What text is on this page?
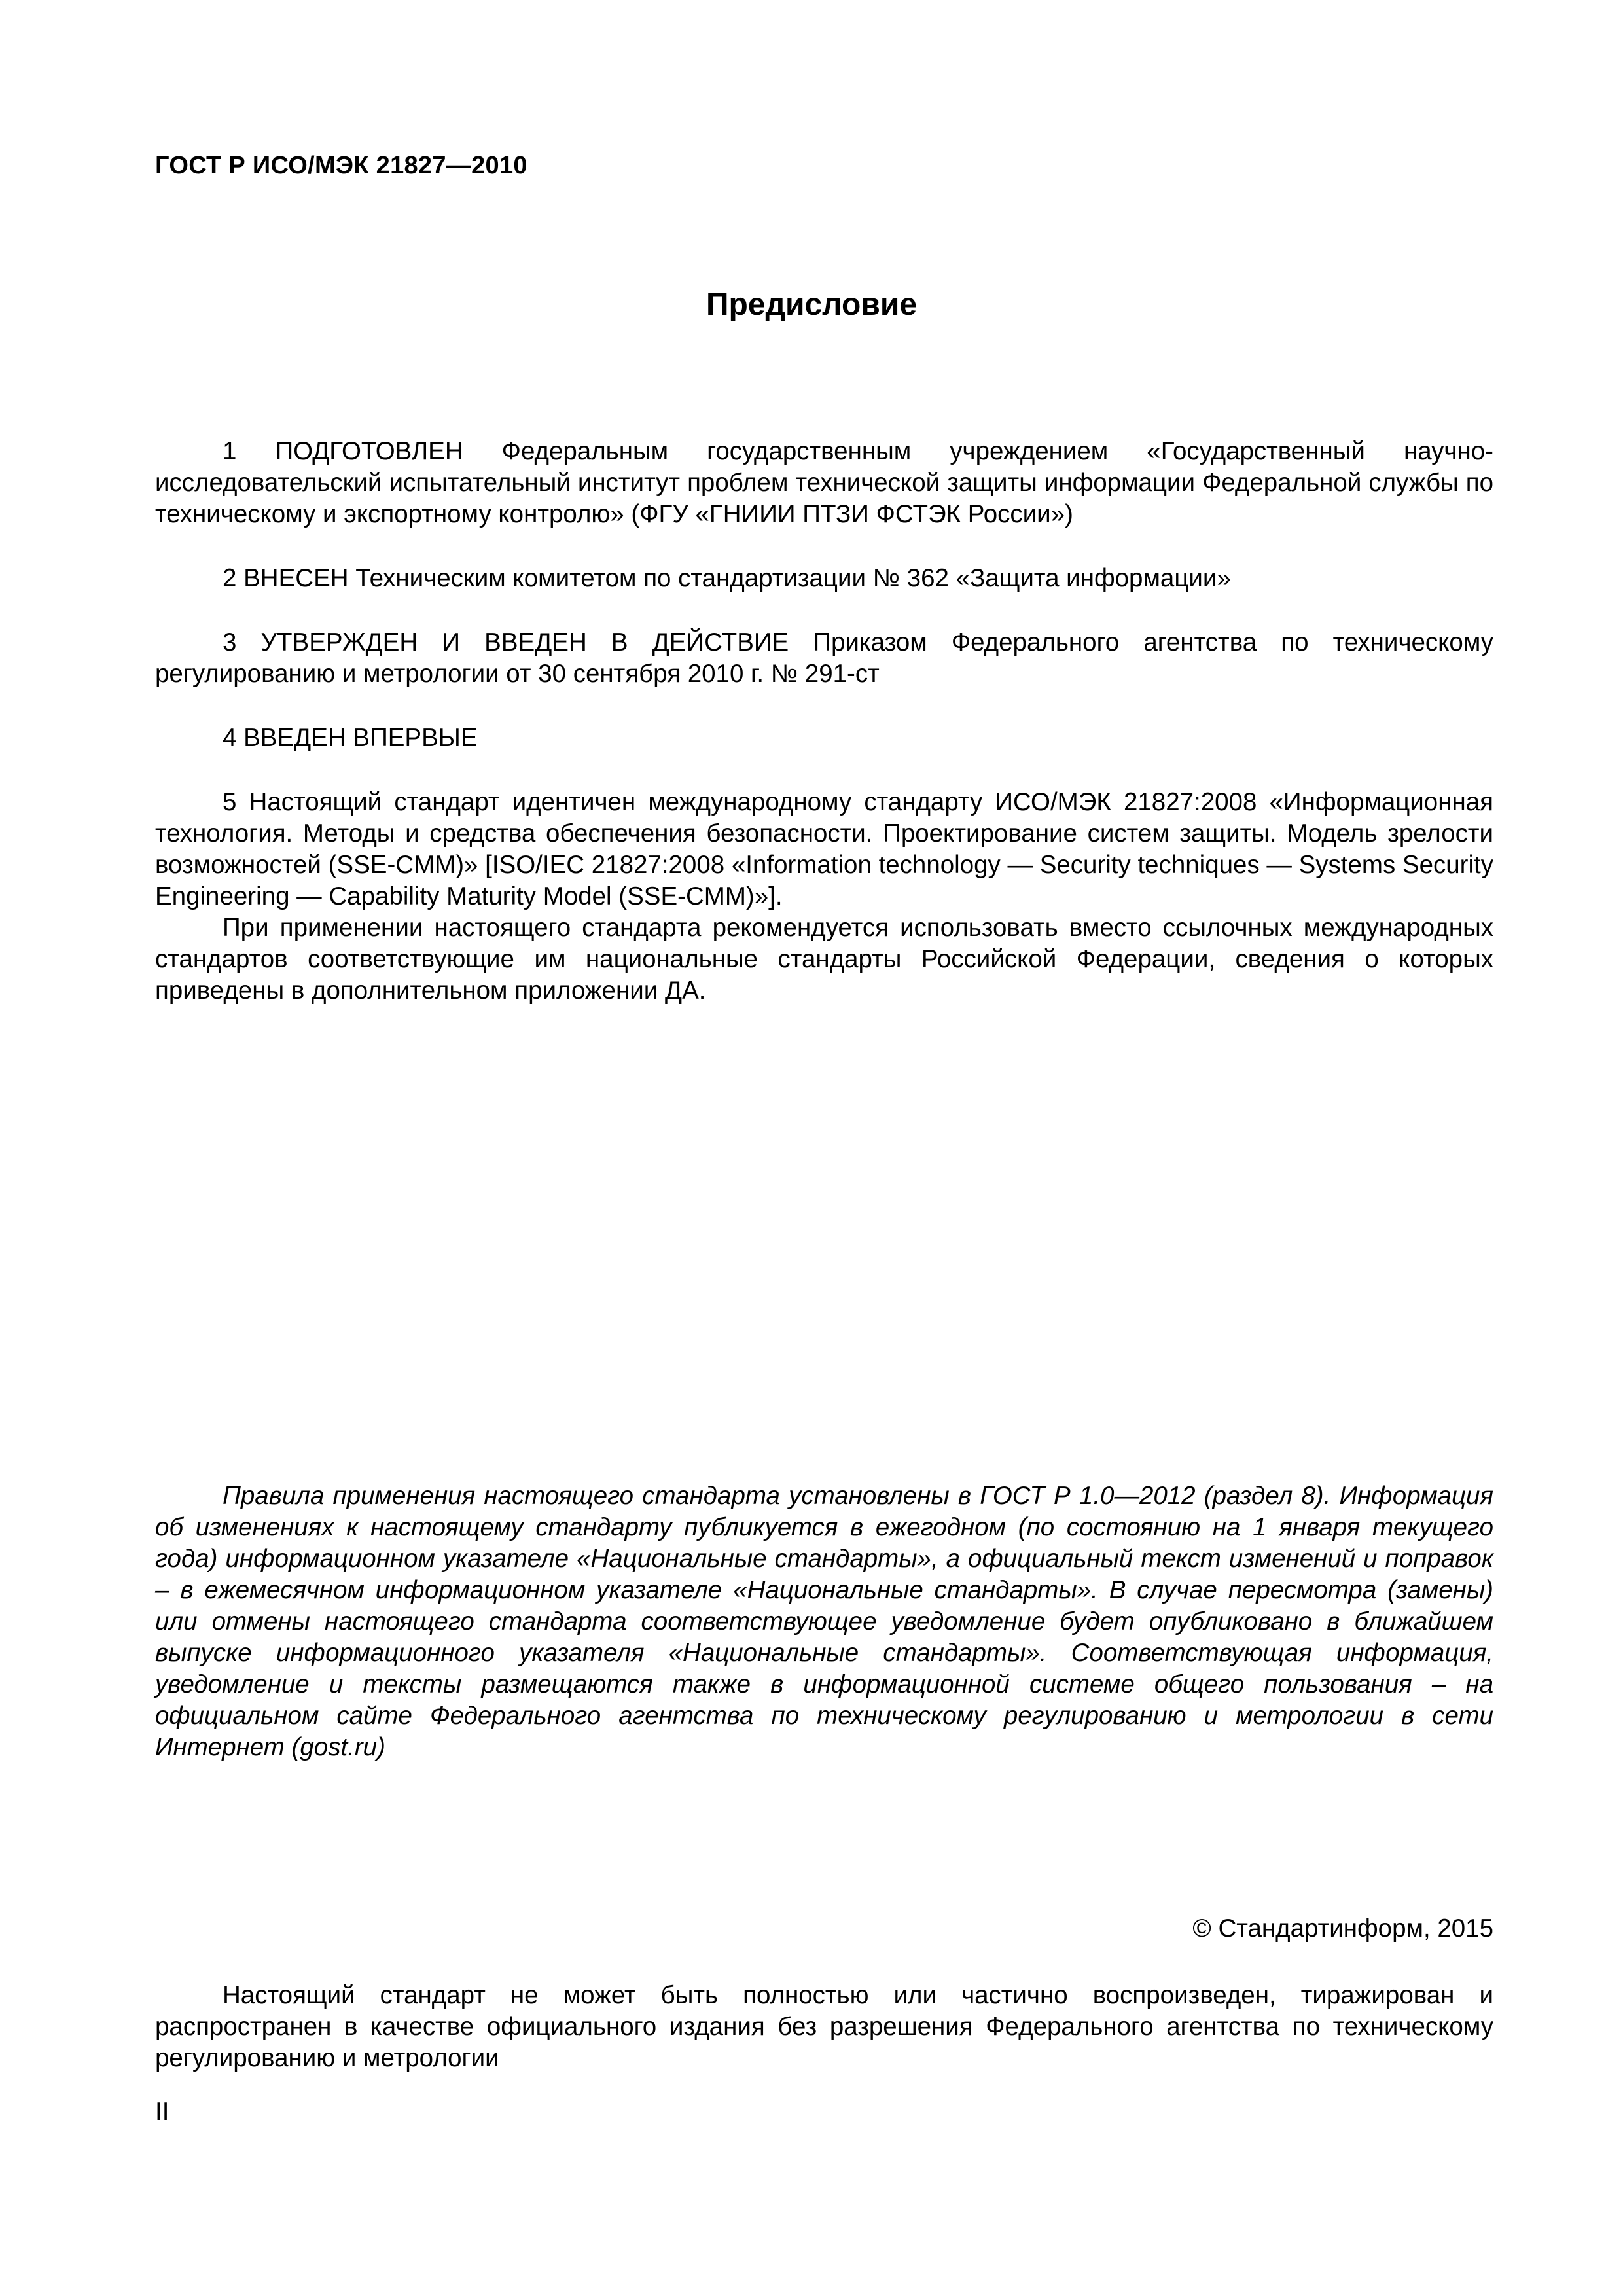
ГОСТ Р ИСО/МЭК 21827—2010
Предисловие

1 ПОДГОТОВЛЕН Федеральным государственным учреждением «Государственный научно-исследовательский испытательный институт проблем технической защиты информации Федеральной службы по техническому и экспортному контролю» (ФГУ «ГНИИИ ПТЗИ ФСТЭК России»)

2 ВНЕСЕН Техническим комитетом по стандартизации № 362 «Защита информации»

3 УТВЕРЖДЕН И ВВЕДЕН В ДЕЙСТВИЕ Приказом Федерального агентства по техническому регулированию и метрологии от 30 сентября 2010 г. № 291-ст

4 ВВЕДЕН ВПЕРВЫЕ

5 Настоящий стандарт идентичен международному стандарту ИСО/МЭК 21827:2008 «Информационная технология. Методы и средства обеспечения безопасности. Проектирование систем защиты. Модель зрелости возможностей (SSE-CMM)» [ISO/IEC 21827:2008 «Information technology — Security techniques — Systems Security Engineering — Capability Maturity Model (SSE-CMM)»].

При применении настоящего стандарта рекомендуется использовать вместо ссылочных международных стандартов соответствующие им национальные стандарты Российской Федерации, сведения о которых приведены в дополнительном приложении ДА.

Правила применения настоящего стандарта установлены в ГОСТ Р 1.0—2012 (раздел 8). Информация об изменениях к настоящему стандарту публикуется в ежегодном (по состоянию на 1 января текущего года) информационном указателе «Национальные стандарты», а официальный текст изменений и поправок – в ежемесячном информационном указателе «Национальные стандарты». В случае пересмотра (замены) или отмены настоящего стандарта соответствующее уведомление будет опубликовано в ближайшем выпуске информационного указателя «Национальные стандарты». Соответствующая информация, уведомление и тексты размещаются также в информационной системе общего пользования – на официальном сайте Федерального агентства по техническому регулированию и метрологии в сети Интернет (gost.ru)

© Стандартинформ, 2015

Настоящий стандарт не может быть полностью или частично воспроизведен, тиражирован и распространен в качестве официального издания без разрешения Федерального агентства по техническому регулированию и метрологии

II
